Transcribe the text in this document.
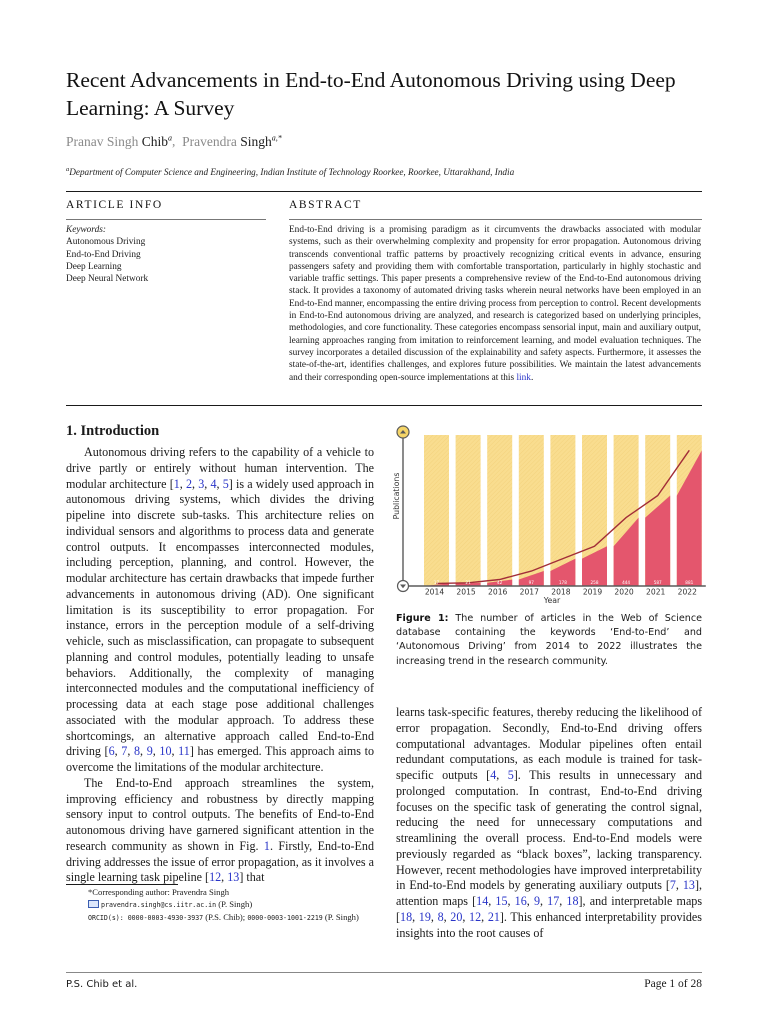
Recent Advancements in End-to-End Autonomous Driving using Deep Learning: A Survey
Pranav Singh Chib$^a$,  Pravendra Singh$^{a,*}$
$^a$Department of Computer Science and Engineering, Indian Institute of Technology Roorkee, Roorkee, Uttarakhand, India
ARTICLE INFO
Keywords:
Autonomous Driving
End-to-End Driving
Deep Learning
Deep Neural Network
ABSTRACT
End-to-End driving is a promising paradigm as it circumvents the drawbacks associated with modular systems, such as their overwhelming complexity and propensity for error propagation. Autonomous driving transcends conventional traffic patterns by proactively recognizing critical events in advance, ensuring passengers safety and providing them with comfortable transportation, particularly in highly stochastic and variable traffic settings. This paper presents a comprehensive review of the End-to-End autonomous driving stack. It provides a taxonomy of automated driving tasks wherein neural networks have been employed in an End-to-End manner, encompassing the entire driving process from perception to control. Recent developments in End-to-End autonomous driving are analyzed, and research is categorized based on underlying principles, methodologies, and core functionality. These categories encompass sensorial input, main and auxiliary output, learning approaches ranging from imitation to reinforcement learning, and model evaluation techniques. The survey incorporates a detailed discussion of the explainability and safety aspects. Furthermore, it assesses the state-of-the-art, identifies challenges, and explores future possibilities. We maintain the latest advancements and their corresponding open-source implementations at this link.
1. Introduction

Autonomous driving refers to the capability of a vehicle to drive partly or entirely without human intervention. The modular architecture [1, 2, 3, 4, 5] is a widely used approach in autonomous driving systems, which divides the driving pipeline into discrete sub-tasks. This architecture relies on individual sensors and algorithms to process data and generate control outputs. It encompasses interconnected modules, including perception, planning, and control. However, the modular architecture has certain drawbacks that impede further advancements in autonomous driving (AD). One significant limitation is its susceptibility to error propagation. For instance, errors in the perception module of a self-driving vehicle, such as misclassification, can propagate to subsequent planning and control modules, potentially leading to unsafe behaviors. Additionally, the complexity of managing interconnected modules and the computational inefficiency of processing data at each stage pose additional challenges associated with the modular approach. To address these shortcomings, an alternative approach called End-to-End driving [6, 7, 8, 9, 10, 11] has emerged. This approach aims to overcome the limitations of the modular architecture.

The End-to-End approach streamlines the system, improving efficiency and robustness by directly mapping sensory input to control outputs. The benefits of End-to-End autonomous driving have garnered significant attention in the research community as shown in Fig. 1. Firstly, End-to-End driving addresses the issue of error propagation, as it involves a single learning task pipeline [12, 13] that

learns task-specific features, thereby reducing the likelihood of error propagation. Secondly, End-to-End driving offers computational advantages. Modular pipelines often entail redundant computations, as each module is trained for task-specific outputs [4, 5]. This results in unnecessary and prolonged computation. In contrast, End-to-End driving focuses on the specific task of generating the control signal, reducing the need for unnecessary computations and streamlining the overall process. End-to-End models were previously regarded as “black boxes”, lacking transparency. However, recent methodologies have improved interpretability in End-to-End models by generating auxiliary outputs [7, 13], attention maps [14, 15, 16, 9, 17, 18], and interpretable maps [18, 19, 8, 20, 12, 21]. This enhanced interpretability provides insights into the root causes of

17	21	42	97	178	258	444	587	881
2014 2015 2016 2017 2018 2019 2020 2021 2022
Year
Publications
Figure 1: The number of articles in the Web of Science database containing the keywords ‘End-to-End’ and ‘Autonomous Driving’ from 2014 to 2022 illustrates the increasing trend in the research community.
*Corresponding author: Pravendra Singh
pravendra.singh@cs.iitr.ac.in (P. Singh)
ORCID(s): 0000-0003-4930-3937 (P.S. Chib); 0000-0003-1001-2219 (P. Singh)
P.S. Chib et al.	Page 1 of 28
